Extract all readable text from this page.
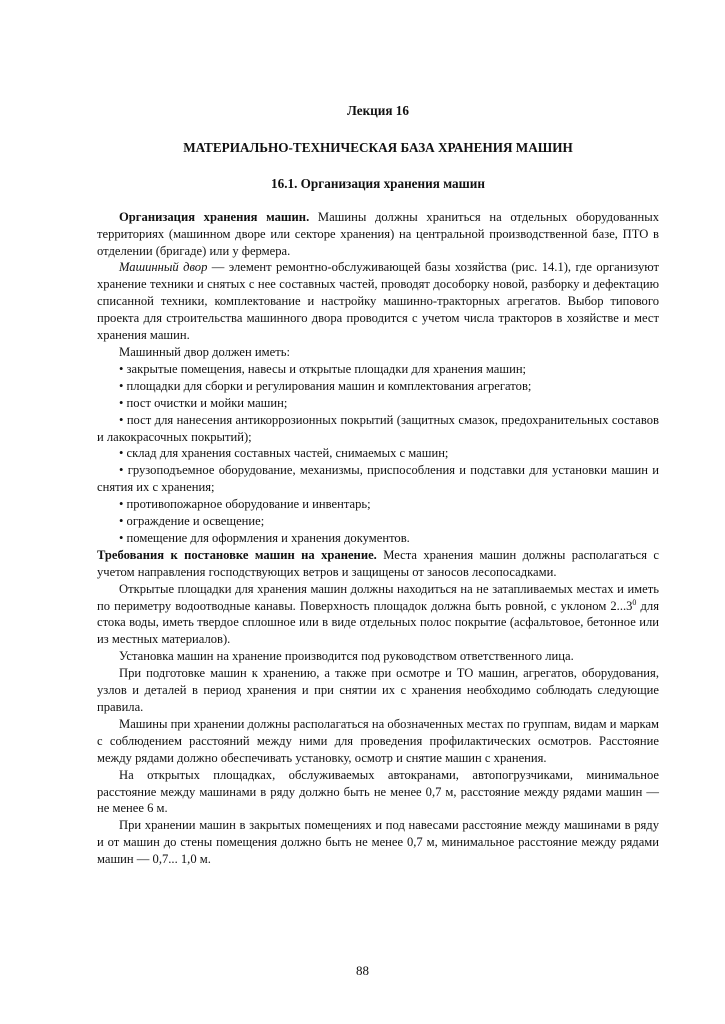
Лекция 16
МАТЕРИАЛЬНО-ТЕХНИЧЕСКАЯ БАЗА ХРАНЕНИЯ МАШИН
16.1. Организация хранения машин

Организация хранения машин. Машины должны храниться на отдельных оборудованных территориях (машинном дворе или секторе хранения) на центральной производственной базе, ПТО в отделении (бригаде) или у фермера.

Машинный двор — элемент ремонтно-обслуживающей базы хозяйства (рис. 14.1), где организуют хранение техники и снятых с нее составных частей, проводят дособорку новой, разборку и дефектацию списанной техники, комплектование и настройку машинно-тракторных агрегатов. Выбор типового проекта для строительства машинного двора проводится с учетом числа тракторов в хозяйстве и мест хранения машин.

Машинный двор должен иметь:

• закрытые помещения, навесы и открытые площадки для хранения машин;
• площадки для сборки и регулирования машин и комплектования агрегатов;
• пост очистки и мойки машин;
• пост для нанесения антикоррозионных покрытий (защитных смазок, предохранительных составов и лакокрасочных покрытий);
• склад для хранения составных частей, снимаемых с машин;
• грузоподъемное оборудование, механизмы, приспособления и подставки для установки машин и снятия их с хранения;
• противопожарное оборудование и инвентарь;
• ограждение и освещение;
• помещение для оформления и хранения документов.

Требования к постановке машин на хранение. Места хранения машин должны располагаться с учетом направления господствующих ветров и защищены от заносов лесопосадками.

Открытые площадки для хранения машин должны находиться на не затапливаемых местах и иметь по периметру водоотводные канавы. Поверхность площадок должна быть ровной, с уклоном 2...3$^0$ для стока воды, иметь твердое сплошное или в виде отдельных полос покрытие (асфальтовое, бетонное или из местных материалов).

Установка машин на хранение производится под руководством ответственного лица.

При подготовке машин к хранению, а также при осмотре и ТО машин, агрегатов, оборудования, узлов и деталей в период хранения и при снятии их с хранения необходимо соблюдать следующие правила.

Машины при хранении должны располагаться на обозначенных местах по группам, видам и маркам с соблюдением расстояний между ними для проведения профилактических осмотров. Расстояние между рядами должно обеспечивать установку, осмотр и снятие машин с хранения.

На открытых площадках, обслуживаемых автокранами, автопогрузчиками, минимальное расстояние между машинами в ряду должно быть не менее 0,7 м, расстояние между рядами машин — не менее 6 м.

При хранении машин в закрытых помещениях и под навесами расстояние между машинами в ряду и от машин до стены помещения должно быть не менее 0,7 м, минимальное расстояние между рядами машин — 0,7... 1,0 м.

88
